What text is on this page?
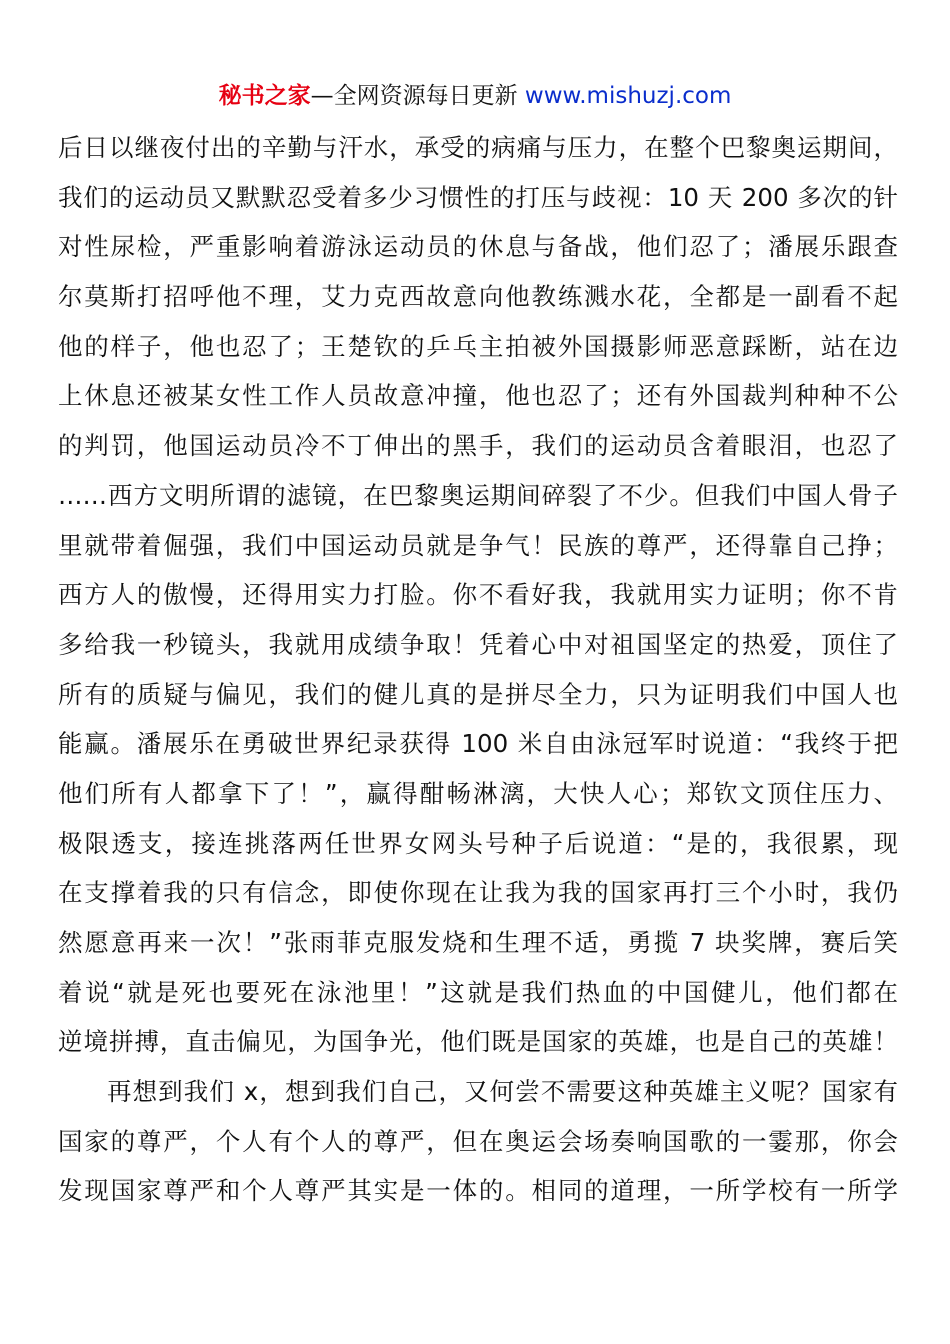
秘书之家—全网资源每日更新 www.mishuzj.com
后日以继夜付出的辛勤与汗水，承受的病痛与压力，在整个巴黎奥运期间，
我们的运动员又默默忍受着多少习惯性的打压与歧视：10 天 200 多次的针
对性尿检，严重影响着游泳运动员的休息与备战，他们忍了；潘展乐跟查
尔莫斯打招呼他不理，艾力克西故意向他教练溅水花，全都是一副看不起
他的样子，他也忍了；王楚钦的乒乓主拍被外国摄影师恶意踩断，站在边
上休息还被某女性工作人员故意冲撞，他也忍了；还有外国裁判种种不公
的判罚，他国运动员冷不丁伸出的黑手，我们的运动员含着眼泪，也忍了
……西方文明所谓的滤镜，在巴黎奥运期间碎裂了不少。但我们中国人骨子
里就带着倔强，我们中国运动员就是争气！民族的尊严，还得靠自己挣；
西方人的傲慢，还得用实力打脸。你不看好我，我就用实力证明；你不肯
多给我一秒镜头，我就用成绩争取！凭着心中对祖国坚定的热爱，顶住了
所有的质疑与偏见，我们的健儿真的是拼尽全力，只为证明我们中国人也
能赢。潘展乐在勇破世界纪录获得 100 米自由泳冠军时说道：“我终于把
他们所有人都拿下了！”，赢得酣畅淋漓，大快人心；郑钦文顶住压力、
极限透支，接连挑落两任世界女网头号种子后说道：“是的，我很累，现
在支撑着我的只有信念，即使你现在让我为我的国家再打三个小时，我仍
然愿意再来一次！”张雨菲克服发烧和生理不适，勇揽 7 块奖牌，赛后笑
着说“就是死也要死在泳池里！”这就是我们热血的中国健儿，他们都在
逆境拼搏，直击偏见，为国争光，他们既是国家的英雄，也是自己的英雄！
再想到我们 x，想到我们自己，又何尝不需要这种英雄主义呢？国家有
国家的尊严，个人有个人的尊严，但在奥运会场奏响国歌的一霎那，你会
发现国家尊严和个人尊严其实是一体的。相同的道理，一所学校有一所学
